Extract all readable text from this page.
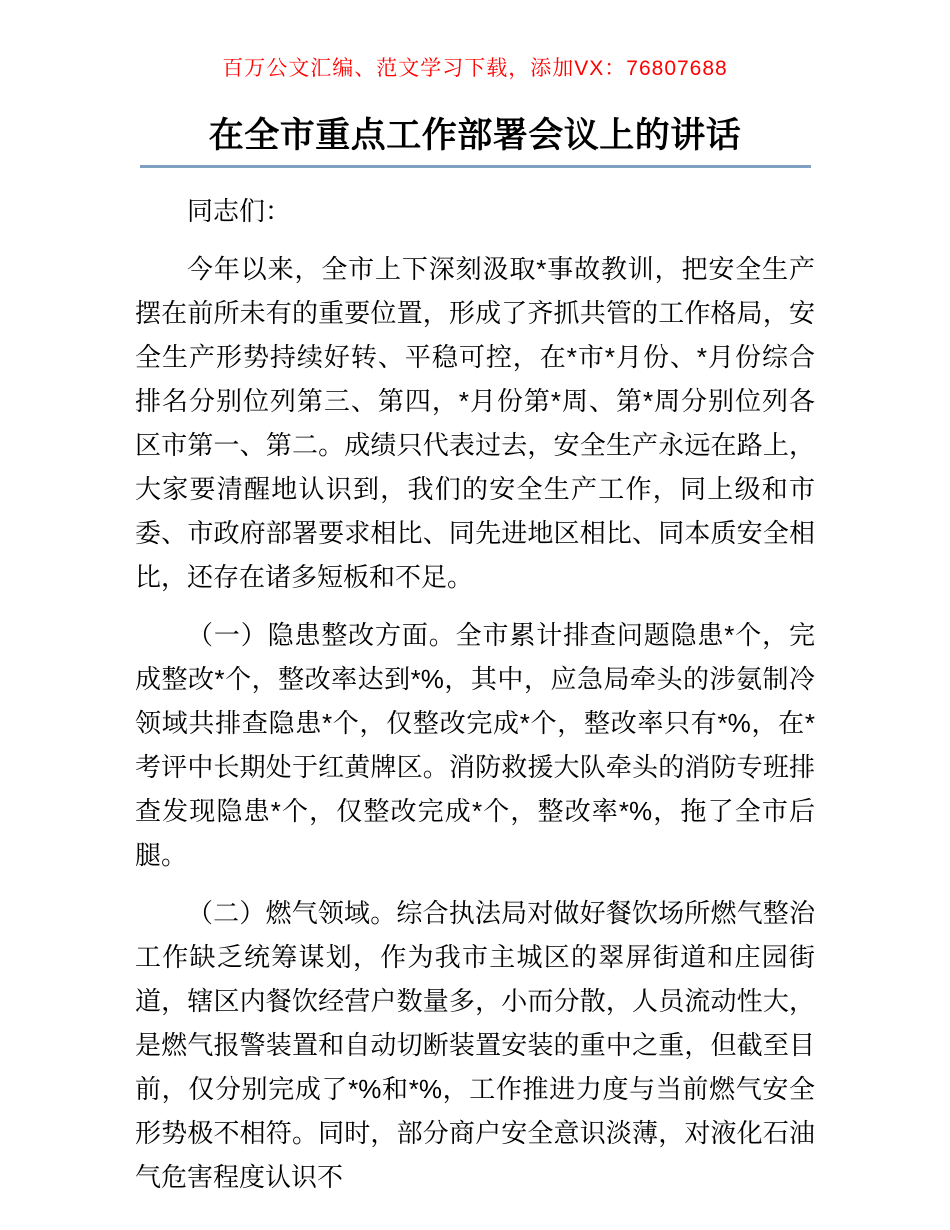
百万公文汇编、范文学习下载，添加VX：76807688
在全市重点工作部署会议上的讲话

同志们：

今年以来，全市上下深刻汲取*事故教训，把安全生产摆在前所未有的重要位置，形成了齐抓共管的工作格局，安全生产形势持续好转、平稳可控，在*市*月份、*月份综合排名分别位列第三、第四，*月份第*周、第*周分别位列各区市第一、第二。成绩只代表过去，安全生产永远在路上，大家要清醒地认识到，我们的安全生产工作，同上级和市委、市政府部署要求相比、同先进地区相比、同本质安全相比，还存在诸多短板和不足。

（一）隐患整改方面。全市累计排查问题隐患*个，完成整改*个，整改率达到*%，其中，应急局牵头的涉氨制冷领域共排查隐患*个，仅整改完成*个，整改率只有*%，在*考评中长期处于红黄牌区。消防救援大队牵头的消防专班排查发现隐患*个，仅整改完成*个，整改率*%，拖了全市后腿。

（二）燃气领域。综合执法局对做好餐饮场所燃气整治工作缺乏统筹谋划，作为我市主城区的翠屏街道和庄园街道，辖区内餐饮经营户数量多，小而分散，人员流动性大，是燃气报警装置和自动切断装置安装的重中之重，但截至目前，仅分别完成了*%和*%，工作推进力度与当前燃气安全形势极不相符。同时，部分商户安全意识淡薄，对液化石油气危害程度认识不
